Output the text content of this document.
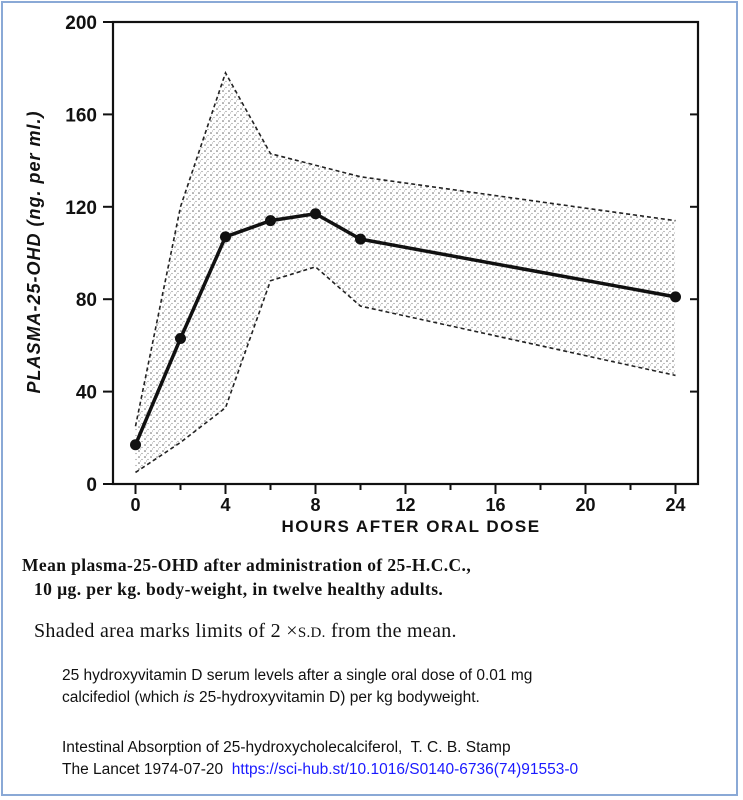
0
40
80
120
160
200
0	4	8	12	16	20	24
PLASMA-25-OHD (ng. per ml.)
HOURS AFTER ORAL DOSE
Mean plasma-25-OHD after administration of 25-H.C.C.,
10 µg. per kg. body-weight, in twelve healthy adults.
Shaded area marks limits of 2 ×S.D. from the mean.
25 hydroxyvitamin D serum levels after a single oral dose of 0.01 mg
calcifediol (which is 25-hydroxyvitamin D) per kg bodyweight.
Intestinal Absorption of 25-hydroxycholecalciferol,  T. C. B. Stamp
The Lancet 1974-07-20  https://sci-hub.st/10.1016/S0140-6736(74)91553-0
